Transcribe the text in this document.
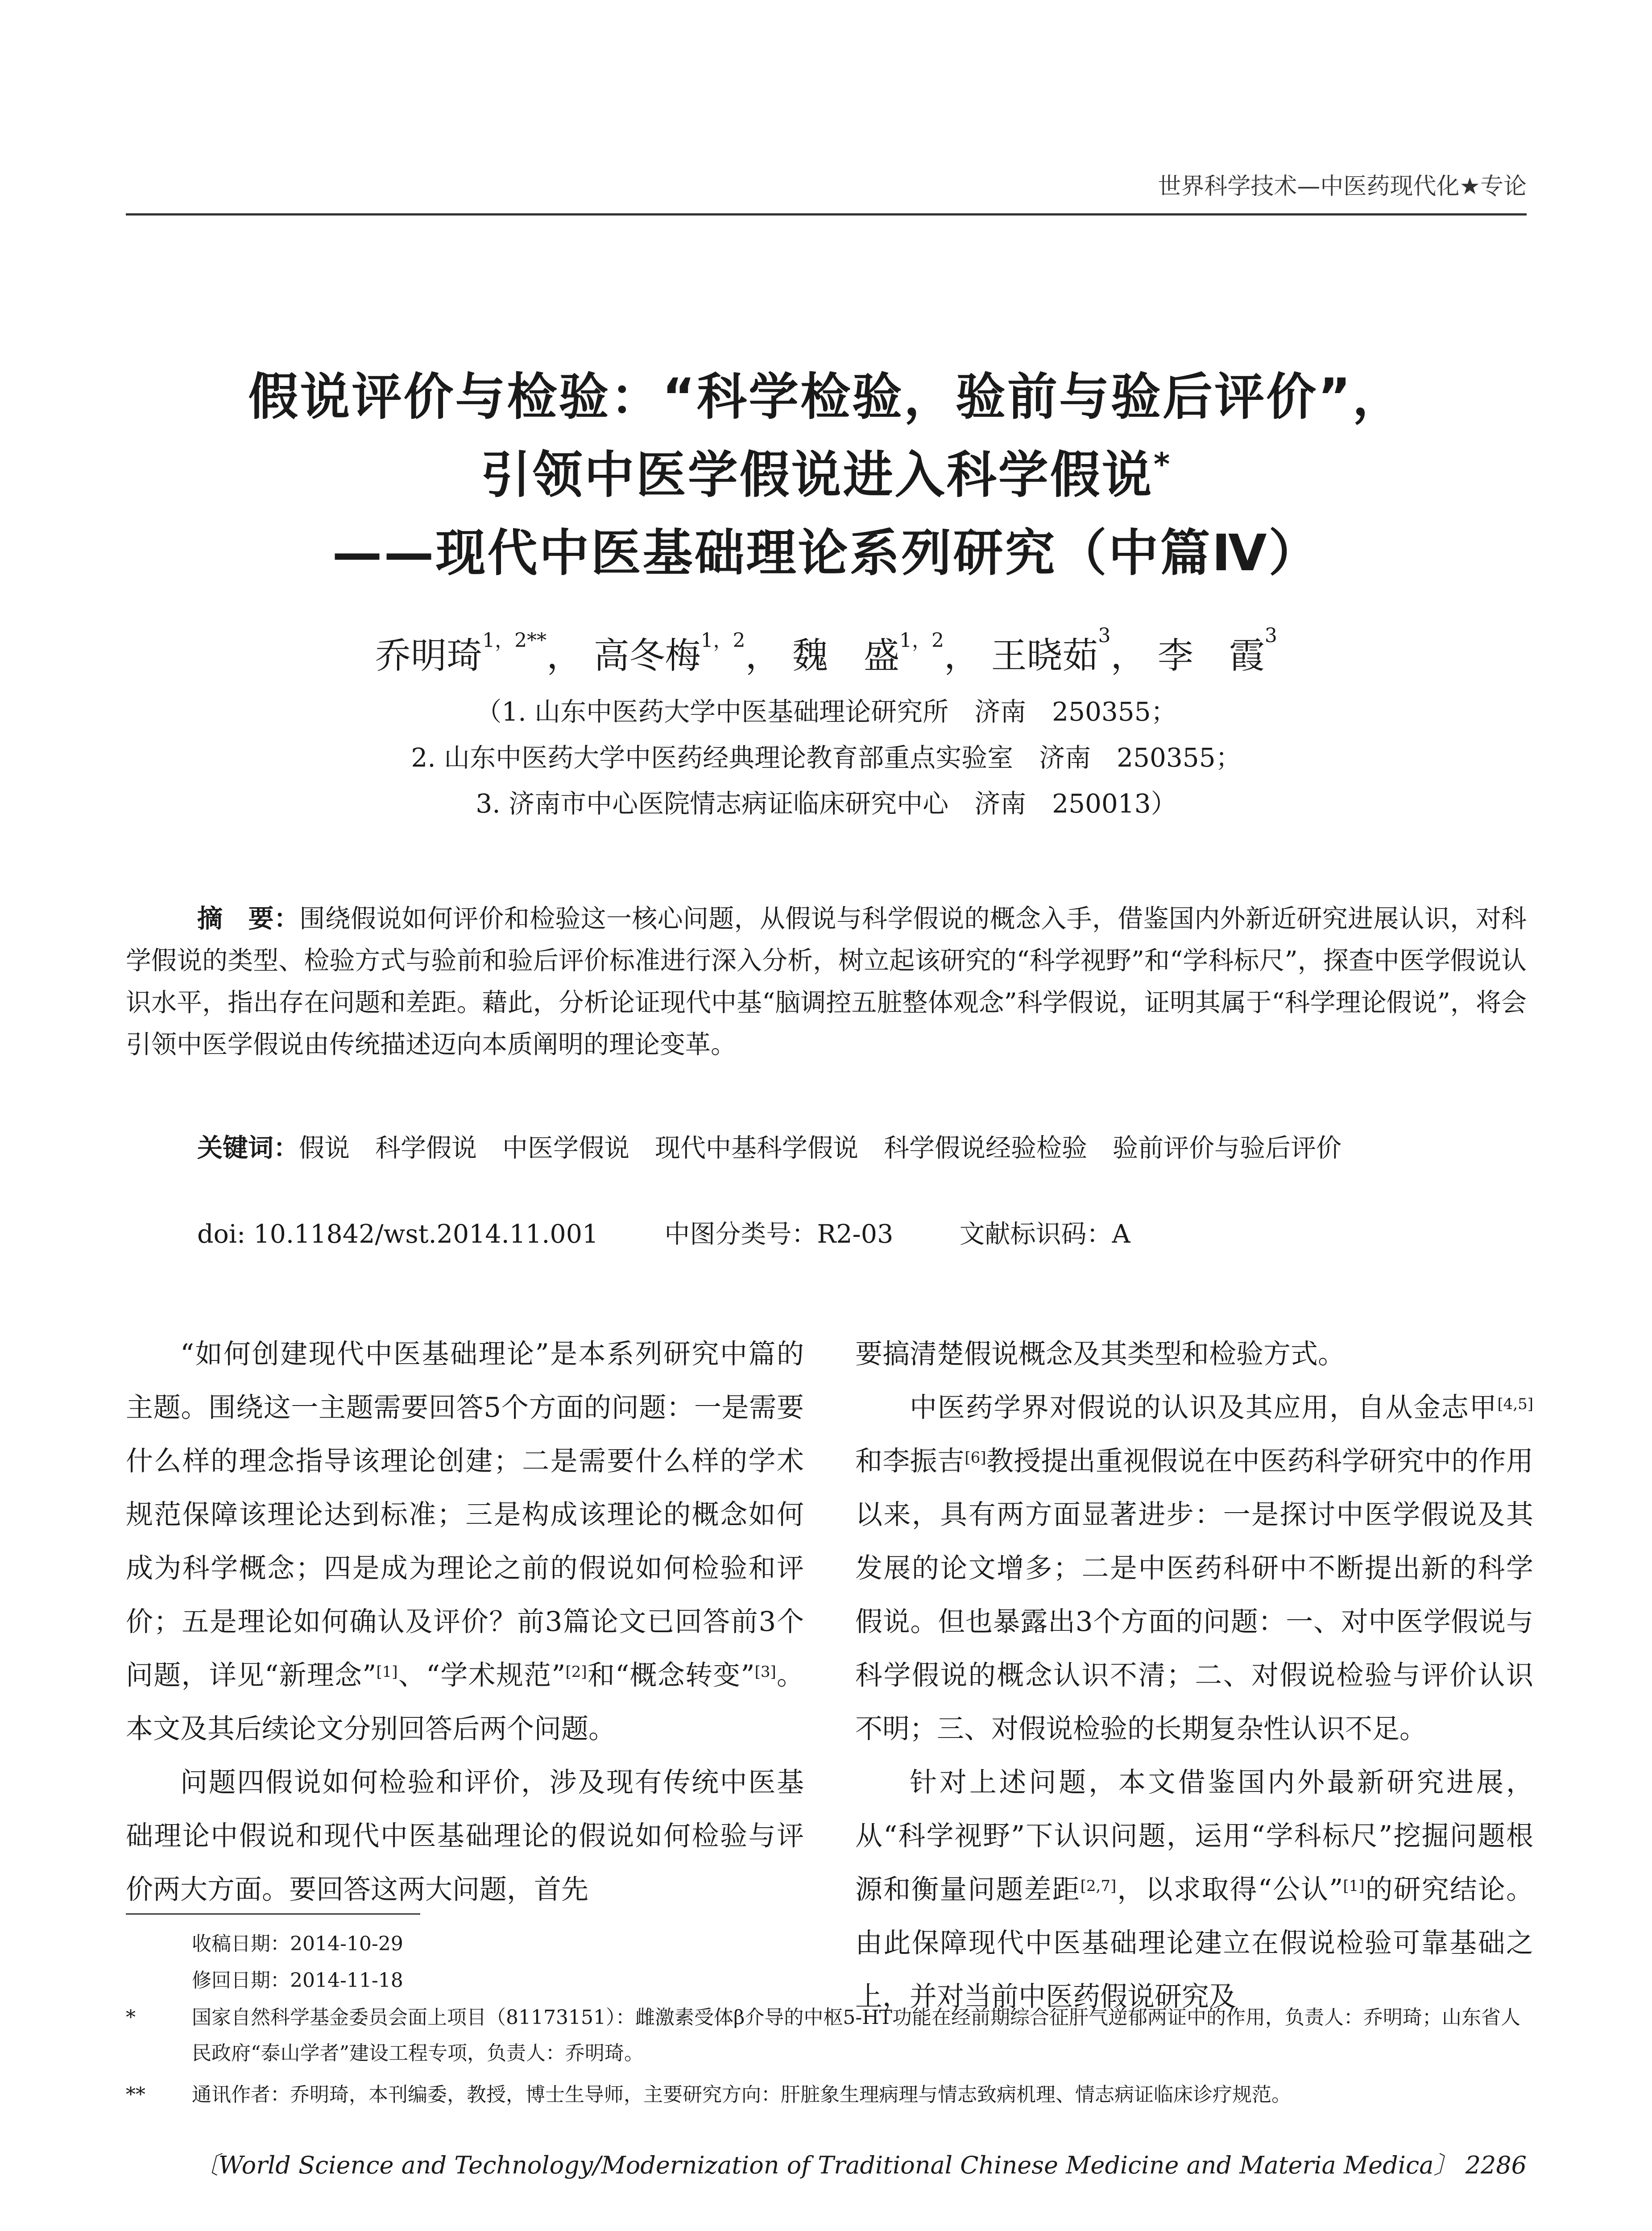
世界科学技术—中医药现代化★专论
假说评价与检验：“科学检验，验前与验后评价”，
引领中医学假说进入科学假说*
——现代中医基础理论系列研究（中篇Ⅳ）
乔明琦$^{1,2**}$， 高冬梅$^{1,2}$， 魏　盛$^{1,2}$， 王晓茹$^3$， 李　霞$^3$
（1. 山东中医药大学中医基础理论研究所　济南　250355；
2. 山东中医药大学中医药经典理论教育部重点实验室　济南　250355；
3. 济南市中心医院情志病证临床研究中心　济南　250013）
摘　要：围绕假说如何评价和检验这一核心问题，从假说与科学假说的概念入手，借鉴国内外新近研究进展认识，对科学假说的类型、检验方式与验前和验后评价标准进行深入分析，树立起该研究的“科学视野”和“学科标尺”，探查中医学假说认识水平，指出存在问题和差距。藉此，分析论证现代中基“脑调控五脏整体观念”科学假说，证明其属于“科学理论假说”，将会引领中医学假说由传统描述迈向本质阐明的理论变革。
关键词：假说　科学假说　中医学假说　现代中基科学假说　科学假说经验检验　验前评价与验后评价
doi: 10.11842/wst.2014.11.001	中图分类号：R2-03	文献标识码：A

“如何创建现代中医基础理论”是本系列研究中篇的主题。围绕这一主题需要回答5个方面的问题：一是需要什么样的理念指导该理论创建；二是需要什么样的学术规范保障该理论达到标准；三是构成该理论的概念如何成为科学概念；四是成为理论之前的假说如何检验和评价；五是理论如何确认及评价？前3篇论文已回答前3个问题，详见“新理念”[1]、“学术规范”[2]和“概念转变”[3]。本文及其后续论文分别回答后两个问题。

问题四假说如何检验和评价，涉及现有传统中医基础理论中假说和现代中医基础理论的假说如何检验与评价两大方面。要回答这两大问题，首先

要搞清楚假说概念及其类型和检验方式。

中医药学界对假说的认识及其应用，自从金志甲[4,5]和李振吉[6]教授提出重视假说在中医药科学研究中的作用以来，具有两方面显著进步：一是探讨中医学假说及其发展的论文增多；二是中医药科研中不断提出新的科学假说。但也暴露出3个方面的问题：一、对中医学假说与科学假说的概念认识不清；二、对假说检验与评价认识不明；三、对假说检验的长期复杂性认识不足。

针对上述问题，本文借鉴国内外最新研究进展，从“科学视野”下认识问题，运用“学科标尺”挖掘问题根源和衡量问题差距[2,7]，以求取得“公认”[1]的研究结论。由此保障现代中医基础理论建立在假说检验可靠基础之上，并对当前中医药假说研究及

收稿日期：2014-10-29
修回日期：2014-11-18
*	国家自然科学基金委员会面上项目（81173151）：雌激素受体β介导的中枢5-HT功能在经前期综合征肝气逆郁两证中的作用，负责人：乔明琦；山东省人民政府“泰山学者”建设工程专项，负责人：乔明琦。
** 通讯作者：乔明琦，本刊编委，教授，博士生导师，主要研究方向：肝脏象生理病理与情志致病机理、情志病证临床诊疗规范。
〔World Science and Technology/Modernization of Traditional Chinese Medicine and Materia Medica〕 2286
